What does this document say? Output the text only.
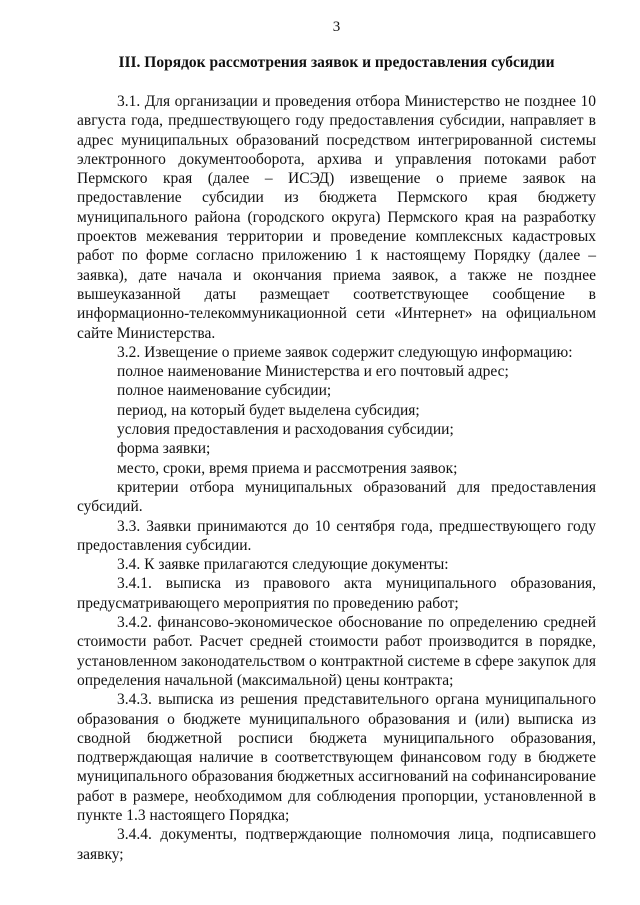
3
III. Порядок рассмотрения заявок и предоставления субсидии

3.1. Для организации и проведения отбора Министерство не позднее 10 августа года, предшествующего году предоставления субсидии, направляет в адрес муниципальных образований посредством интегрированной системы электронного документооборота, архива и управления потоками работ Пермского края (далее – ИСЭД) извещение о приеме заявок на предоставление субсидии из бюджета Пермского края бюджету муниципального района (городского округа) Пермского края на разработку проектов межевания территории и проведение комплексных кадастровых работ по форме согласно приложению 1 к настоящему Порядку (далее – заявка), дате начала и окончания приема заявок, а также не позднее вышеуказанной даты размещает соответствующее сообщение в информационно-телекоммуникационной сети «Интернет» на официальном сайте Министерства.

3.2. Извещение о приеме заявок содержит следующую информацию:

полное наименование Министерства и его почтовый адрес;

полное наименование субсидии;

период, на который будет выделена субсидия;

условия предоставления и расходования субсидии;

форма заявки;

место, сроки, время приема и рассмотрения заявок;

критерии отбора муниципальных образований для предоставления субсидий.

3.3. Заявки принимаются до 10 сентября года, предшествующего году предоставления субсидии.

3.4. К заявке прилагаются следующие документы:

3.4.1. выписка из правового акта муниципального образования, предусматривающего мероприятия по проведению работ;

3.4.2. финансово-экономическое обоснование по определению средней стоимости работ. Расчет средней стоимости работ производится в порядке, установленном законодательством о контрактной системе в сфере закупок для определения начальной (максимальной) цены контракта;

3.4.3. выписка из решения представительного органа муниципального образования о бюджете муниципального образования и (или) выписка из сводной бюджетной росписи бюджета муниципального образования, подтверждающая наличие в соответствующем финансовом году в бюджете муниципального образования бюджетных ассигнований на софинансирование работ в размере, необходимом для соблюдения пропорции, установленной в пункте 1.3 настоящего Порядка;

3.4.4. документы, подтверждающие полномочия лица, подписавшего заявку;
